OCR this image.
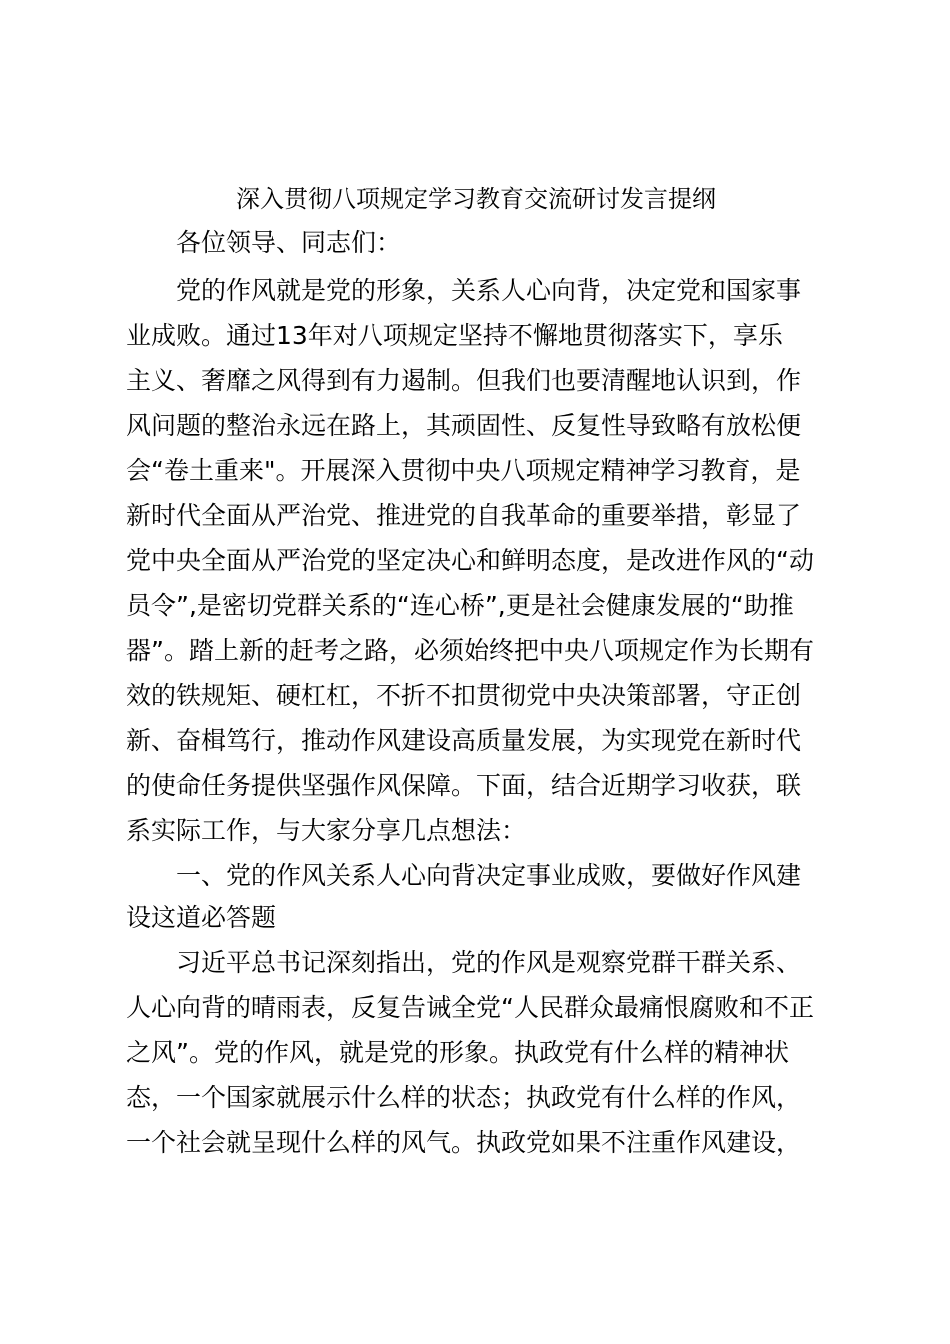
深入贯彻八项规定学习教育交流研讨发言提纲
各位领导、同志们：
党的作风就是党的形象，关系人心向背，决定党和国家事
业成败。通过13年对八项规定坚持不懈地贯彻落实下，享乐
主义、奢靡之风得到有力遏制。但我们也要清醒地认识到，作
风问题的整治永远在路上，其顽固性、反复性导致略有放松便
会“卷土重来"。开展深入贯彻中央八项规定精神学习教育，是
新时代全面从严治党、推进党的自我革命的重要举措，彰显了
党中央全面从严治党的坚定决心和鲜明态度，是改进作风的“动
员令”,是密切党群关系的“连心桥”,更是社会健康发展的“助推
器”。踏上新的赶考之路，必须始终把中央八项规定作为长期有
效的铁规矩、硬杠杠，不折不扣贯彻党中央决策部署，守正创
新、奋楫笃行，推动作风建设高质量发展，为实现党在新时代
的使命任务提供坚强作风保障。下面，结合近期学习收获，联
系实际工作，与大家分享几点想法：
一、党的作风关系人心向背决定事业成败，要做好作风建
设这道必答题
习近平总书记深刻指出，党的作风是观察党群干群关系、
人心向背的晴雨表，反复告诫全党“人民群众最痛恨腐败和不正
之风”。党的作风，就是党的形象。执政党有什么样的精神状
态，一个国家就展示什么样的状态；执政党有什么样的作风，
一个社会就呈现什么样的风气。执政党如果不注重作风建设，
